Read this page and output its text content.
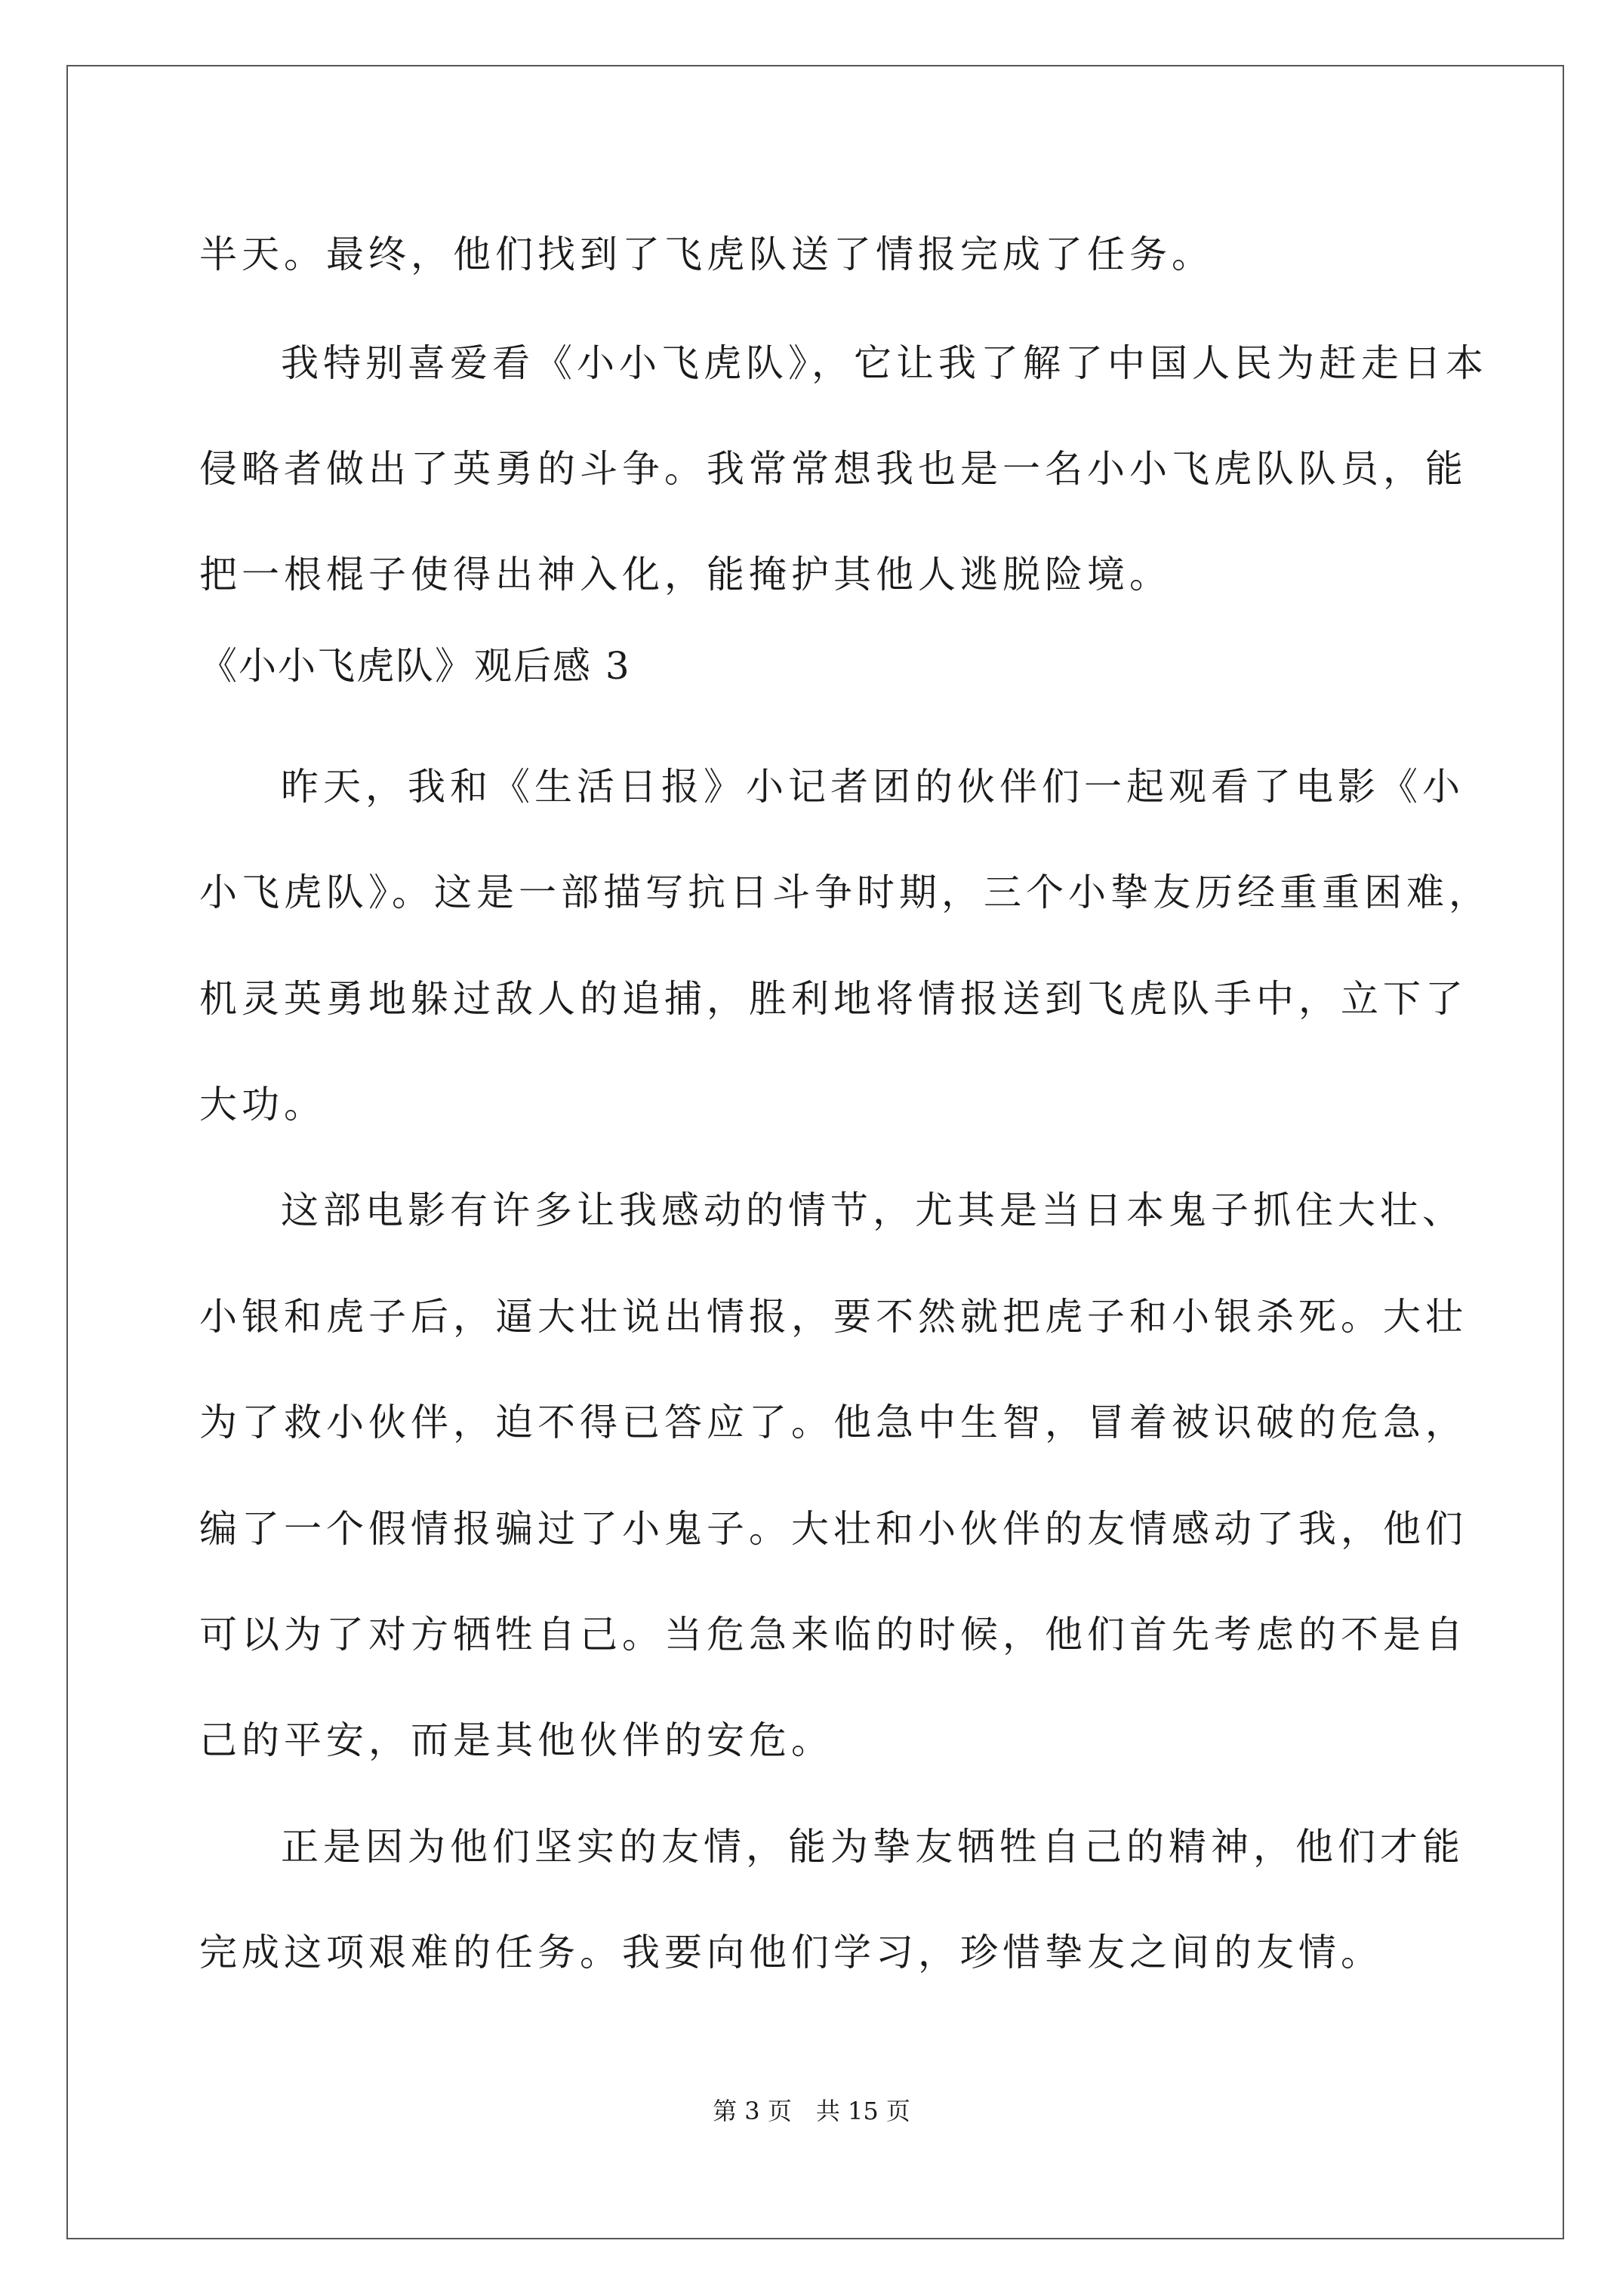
半天。最终，他们找到了飞虎队送了情报完成了任务。
我特别喜爱看《小小飞虎队》，它让我了解了中国人民为赶走日本
侵略者做出了英勇的斗争。我常常想我也是一名小小飞虎队队员，能
把一根棍子使得出神入化，能掩护其他人逃脱险境。
《小小飞虎队》观后感 3
昨天，我和《生活日报》小记者团的伙伴们一起观看了电影《小
小飞虎队》。这是一部描写抗日斗争时期，三个小挚友历经重重困难，
机灵英勇地躲过敌人的追捕，胜利地将情报送到飞虎队手中，立下了
大功。
这部电影有许多让我感动的情节，尤其是当日本鬼子抓住大壮、
小银和虎子后，逼大壮说出情报，要不然就把虎子和小银杀死。大壮
为了救小伙伴，迫不得已答应了。他急中生智，冒着被识破的危急，
编了一个假情报骗过了小鬼子。大壮和小伙伴的友情感动了我，他们
可以为了对方牺牲自己。当危急来临的时候，他们首先考虑的不是自
己的平安，而是其他伙伴的安危。
正是因为他们坚实的友情，能为挚友牺牲自己的精神，他们才能
完成这项艰难的任务。我要向他们学习，珍惜挚友之间的友情。
第 3 页　共 15 页
